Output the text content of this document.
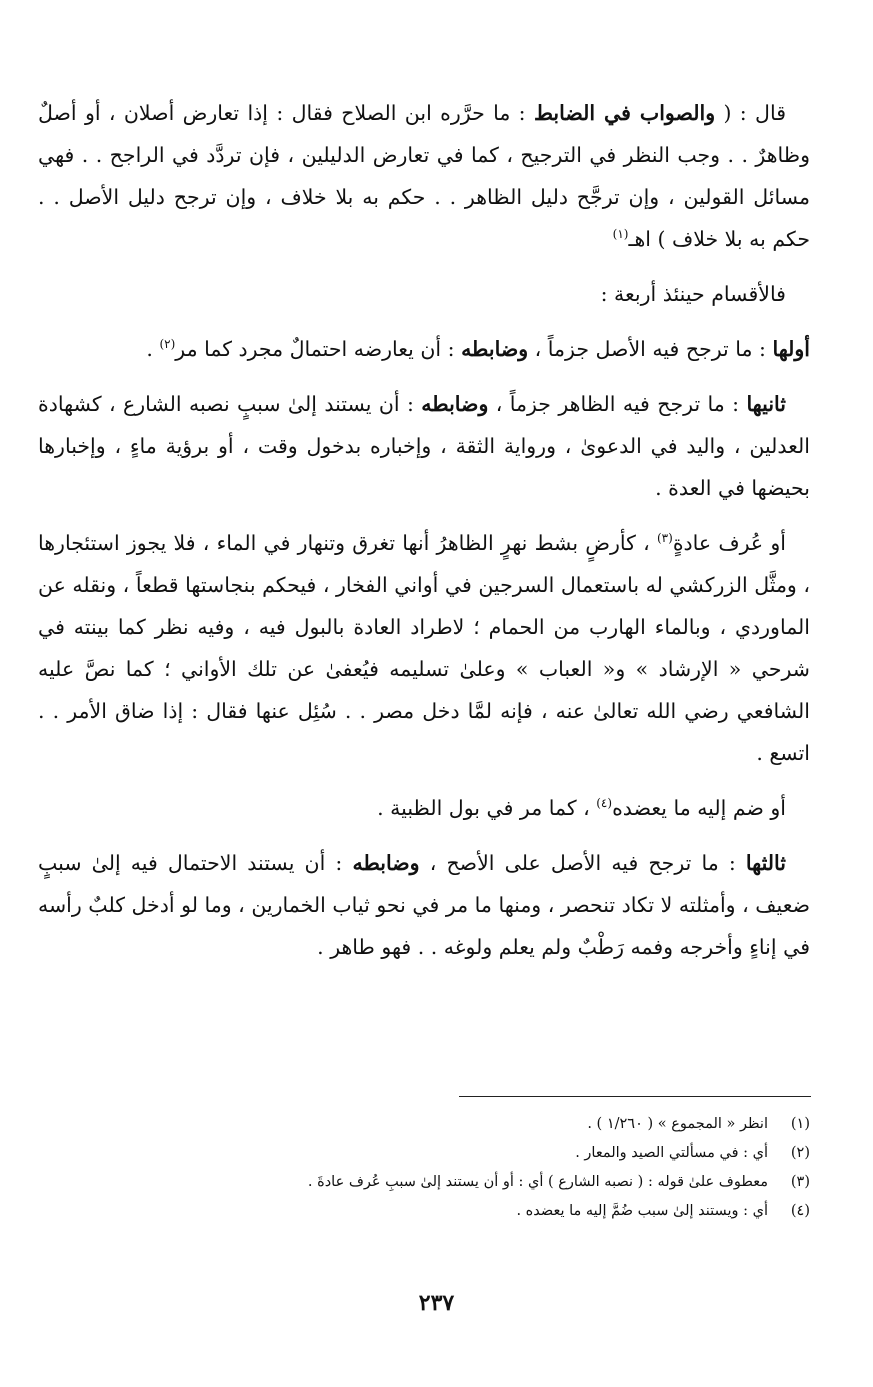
قال : ( والصواب في الضابط : ما حرَّره ابن الصلاح فقال : إذا تعارض أصلان ، أو أصلٌ وظاهرٌ . . وجب النظر في الترجيح ، كما في تعارض الدليلين ، فإن تردَّد في الراجح . . فهي مسائل القولين ، وإن ترجَّح دليل الظاهر . . حكم به بلا خلاف ، وإن ترجح دليل الأصل . . حكم به بلا خلاف ) اهـ$^{(١)}$

فالأقسام حينئذ أربعة :

أولها : ما ترجح فيه الأصل جزماً ، وضابطه : أن يعارضه احتمالٌ مجرد كما مر$^{(٢)}$ .

ثانيها : ما ترجح فيه الظاهر جزماً ، وضابطه : أن يستند إلىٰ سببٍ نصبه الشارع ، كشهادة العدلين ، واليد في الدعوىٰ ، ورواية الثقة ، وإخباره بدخول وقت ، أو برؤية ماءٍ ، وإخبارها بحيضها في العدة .

أو عُرف عادةٍ$^{(٣)}$ ، كأرضٍ بشط نهرٍ الظاهرُ أنها تغرق وتنهار في الماء ، فلا يجوز استئجارها ، ومثَّل الزركشي له باستعمال السرجين في أواني الفخار ، فيحكم بنجاستها قطعاً ، ونقله عن الماوردي ، وبالماء الهارب من الحمام ؛ لاطراد العادة بالبول فيه ، وفيه نظر كما بينته في شرحي « الإرشاد » و« العباب » وعلىٰ تسليمه فيُعفىٰ عن تلك الأواني ؛ كما نصَّ عليه الشافعي رضي الله تعالىٰ عنه ، فإنه لمَّا دخل مصر . . سُئِل عنها فقال : إذا ضاق الأمر . . اتسع .

أو ضم إليه ما يعضده$^{(٤)}$ ، كما مر في بول الظبية .

ثالثها : ما ترجح فيه الأصل على الأصح ، وضابطه : أن يستند الاحتمال فيه إلىٰ سببٍ ضعيف ، وأمثلته لا تكاد تنحصر ، ومنها ما مر في نحو ثياب الخمارين ، وما لو أدخل كلبٌ رأسه في إناءٍ وأخرجه وفمه رَطْبٌ ولم يعلم ولوغه . . فهو طاهر .

(١)انظر « المجموع » ( ١/٢٦٠ ) .

(٢)أي : في مسألتي الصيد والمعار .

(٣)معطوف علىٰ قوله : ( نصبه الشارع ) أي : أو أن يستند إلىٰ سببِ عُرف عادةَ .

(٤)أي : ويستند إلىٰ سبب ضُمَّ إليه ما يعضده .

٢٣٧
